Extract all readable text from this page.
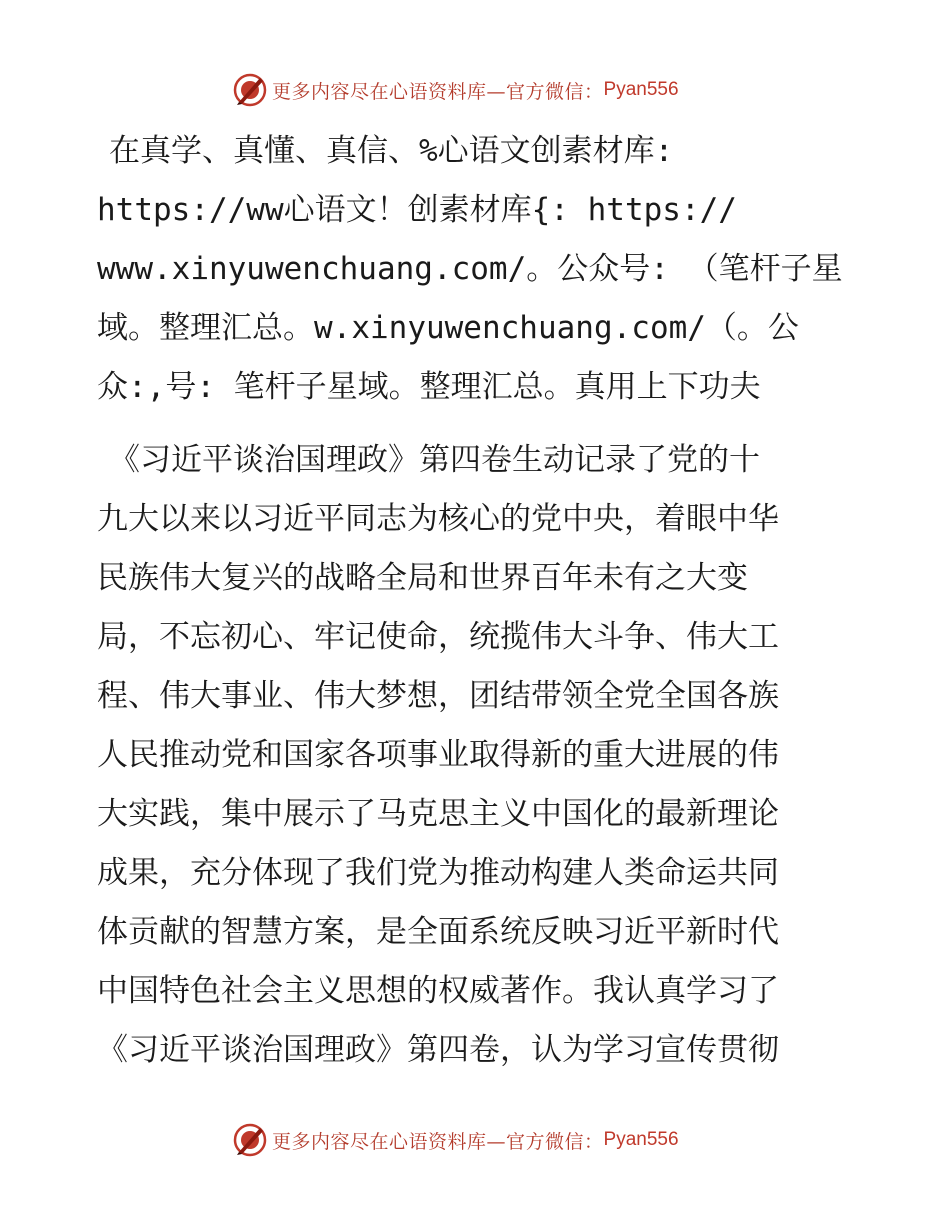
更多内容尽在心语资料库—官方微信： Pyan556
在真学、真懂、真信、%心语文创素材库:
https://ww心语文！创素材库{: https://
www.xinyuwenchuang.com/。公众号: （笔杆子星
域。整理汇总。w.xinyuwenchuang.com/（。公
众:,号: 笔杆子星域。整理汇总。真用上下功夫
《习近平谈治国理政》第四卷生动记录了党的十
九大以来以习近平同志为核心的党中央，着眼中华
民族伟大复兴的战略全局和世界百年未有之大变
局，不忘初心、牢记使命，统揽伟大斗争、伟大工
程、伟大事业、伟大梦想，团结带领全党全国各族
人民推动党和国家各项事业取得新的重大进展的伟
大实践，集中展示了马克思主义中国化的最新理论
成果，充分体现了我们党为推动构建人类命运共同
体贡献的智慧方案，是全面系统反映习近平新时代
中国特色社会主义思想的权威著作。我认真学习了
《习近平谈治国理政》第四卷，认为学习宣传贯彻
更多内容尽在心语资料库—官方微信： Pyan556
